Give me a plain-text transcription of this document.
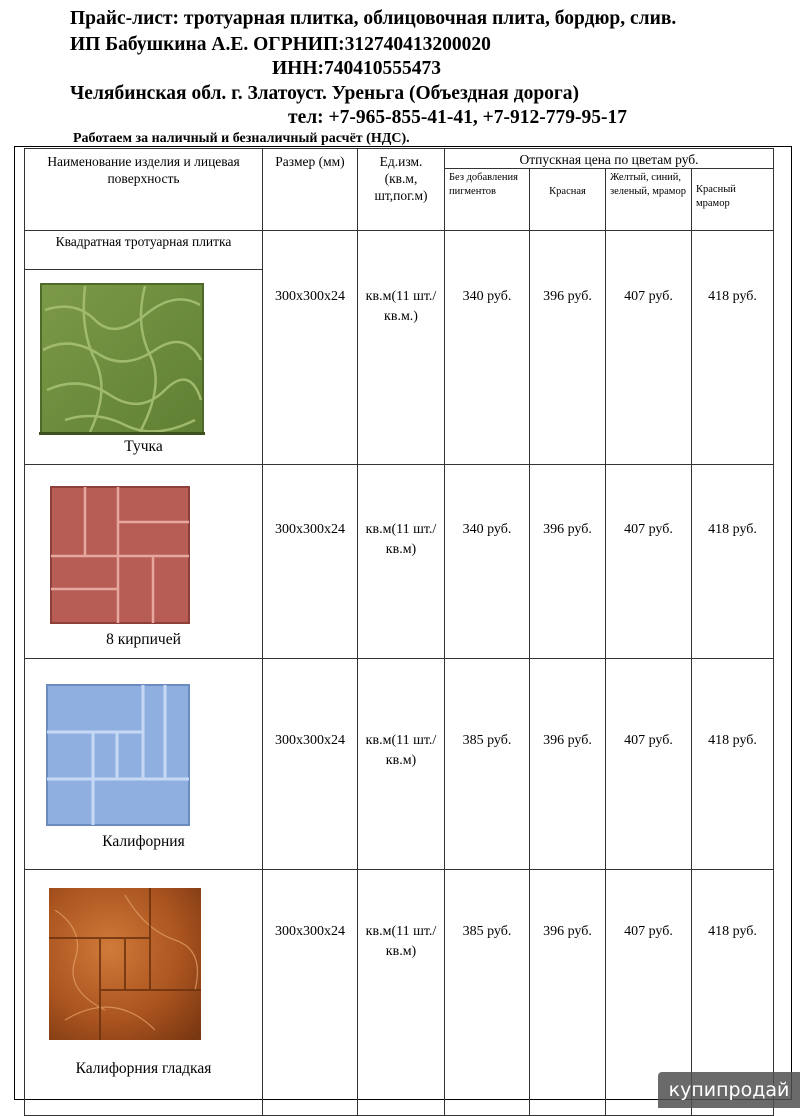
Прайс-лист: тротуарная плитка, облицовочная плита, бордюр, слив.
ИП Бабушкина А.Е. ОГРНИП:312740413200020
ИНН:740410555473
Челябинская обл. г. Златоуст. Уреньга (Объездная дорога)
тел: +7-965-855-41-41, +7-912-779-95-17
Работаем за наличный и безналичный расчёт (НДС).
Наименование изделия и лицевая поверхность	Размер (мм)	Ед.изм. (кв.м, шт,пог.м)	Отпускная цена по цветам руб.			
			Без добавления пигментов	Красная	Желтый, синий, зеленый, мрамор	Красный мрамор
Квадратная тротуарная плитка	300х300х24	кв.м(11 шт./кв.м.)	340 руб.	396 руб.	407 руб.	418 руб.

Тучка						

8 кирпичей	300х300х24	кв.м(11 шт./кв.м)	340 руб.	396 руб.	407 руб.	418 руб.

Калифорния	300х300х24	кв.м(11 шт./кв.м)	385 руб.	396 руб.	407 руб.	418 руб.

Калифорния гладкая	300х300х24	кв.м(11 шт./кв.м)	385 руб.	396 руб.	407 руб.	418 руб.
купипродай
